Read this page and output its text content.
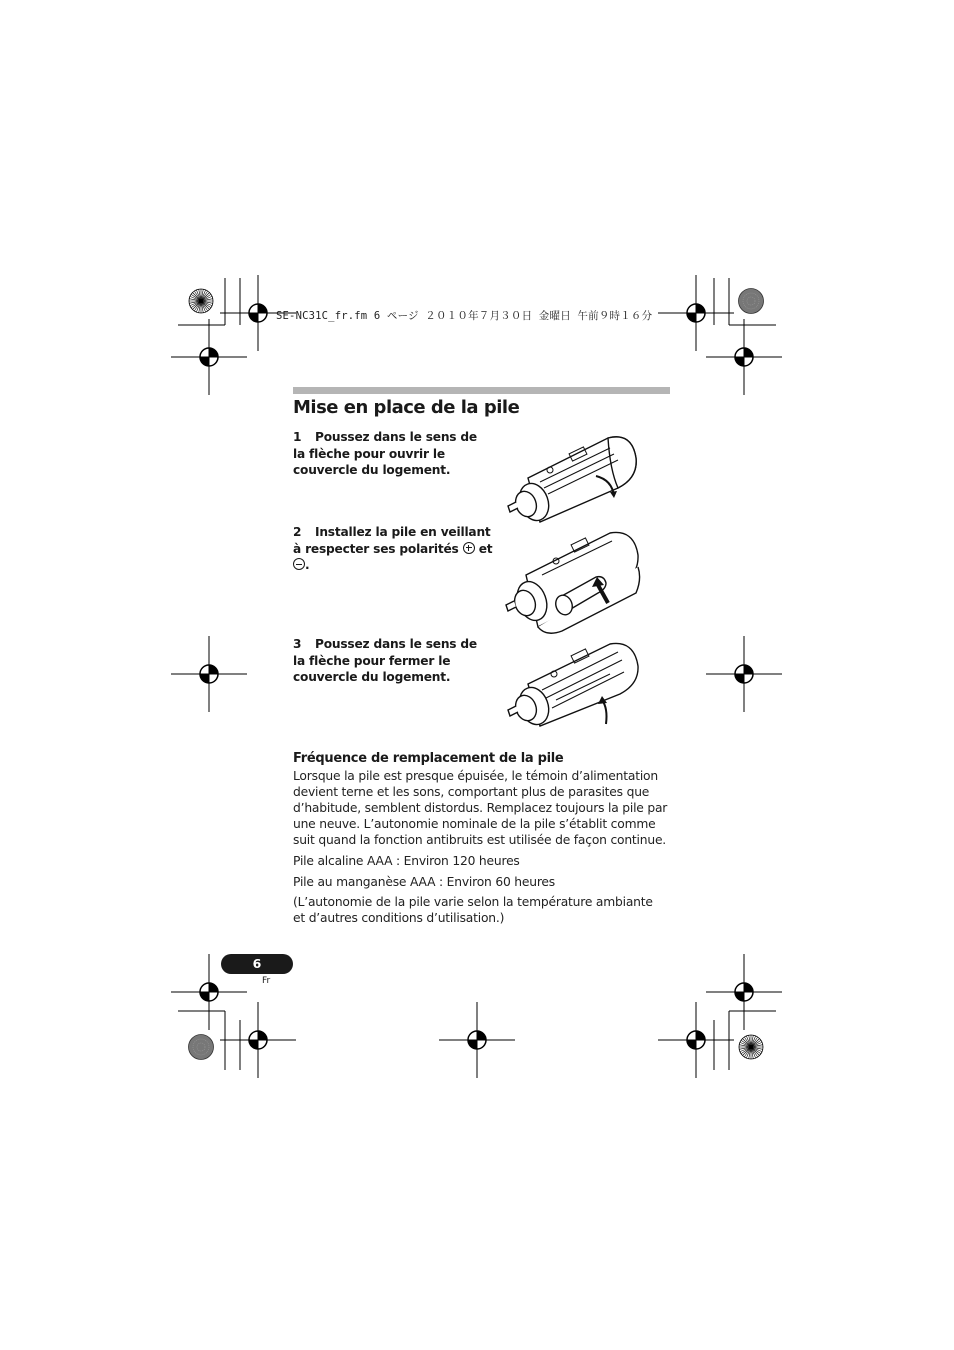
SE-NC31C_fr.fm 6 ページ ２０１０年７月３０日 金曜日 午前９時１６分
Mise en place de la pile
1 Poussez dans le sens de la flèche pour ouvrir le couvercle du logement.
2 Installez la pile en veillant à respecter ses polarités et .
3 Poussez dans le sens de la flèche pour fermer le couvercle du logement.
Fréquence de remplacement de la pile
Lorsque la pile est presque épuisée, le témoin d’alimentation devient terne et les sons, comportant plus de parasites que d’habitude, semblent distordus. Remplacez toujours la pile par une neuve. L’autonomie nominale de la pile s’établit comme suit quand la fonction antibruits est utilisée de façon continue.
Pile alcaline AAA : Environ 120 heures
Pile au manganèse AAA : Environ 60 heures
(L’autonomie de la pile varie selon la température ambiante et d’autres conditions d’utilisation.)
6
Fr
